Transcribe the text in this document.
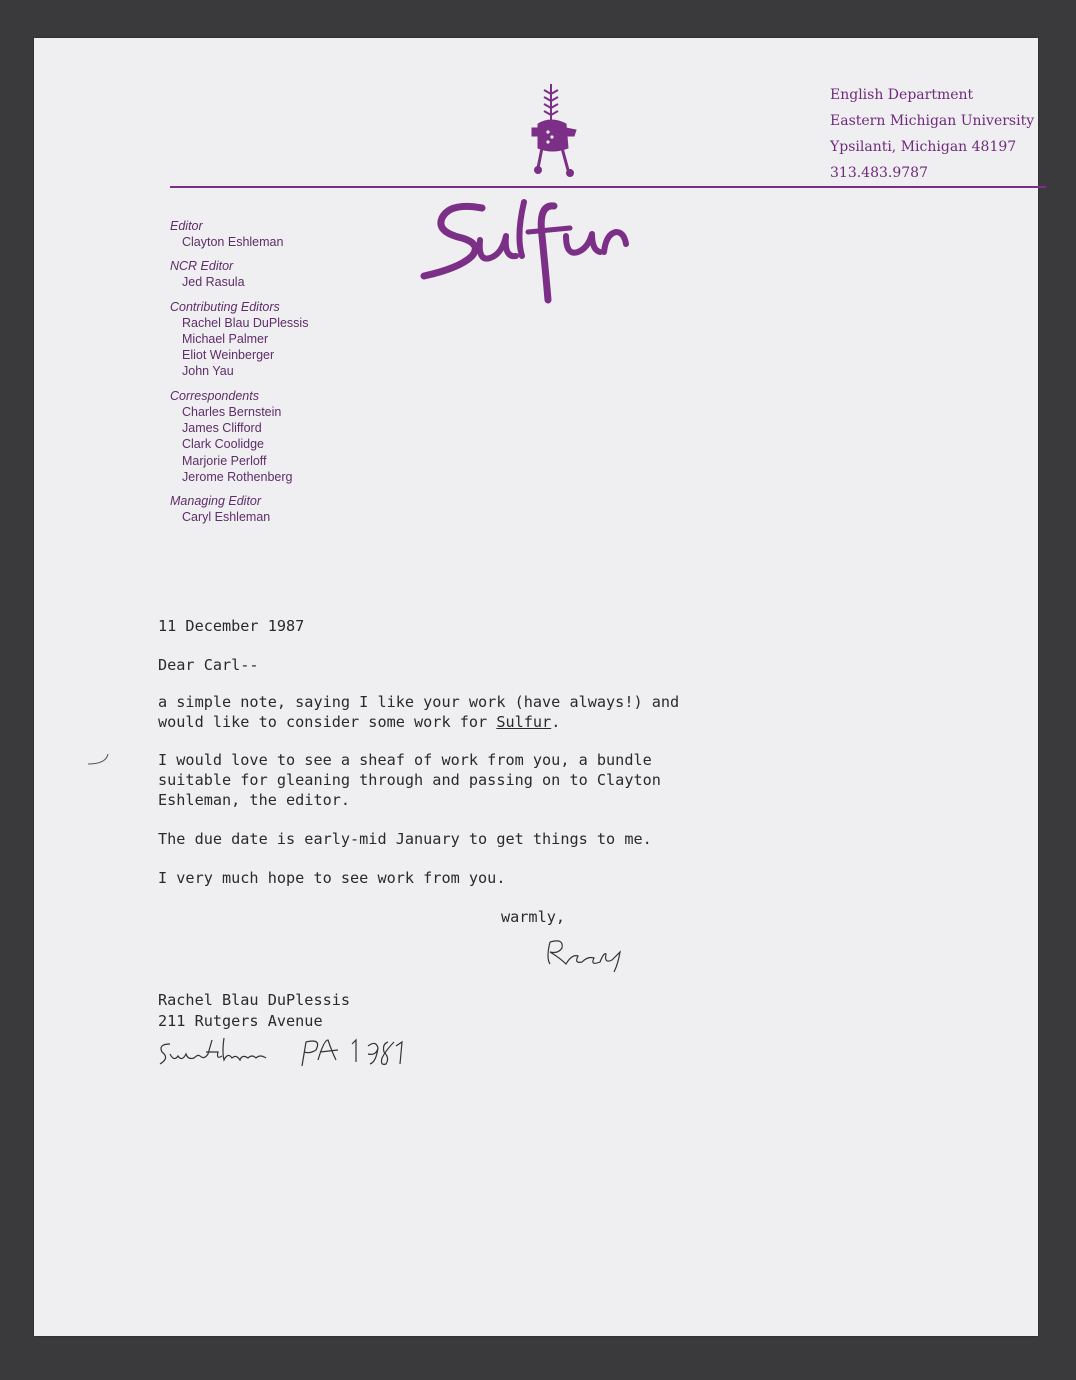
English Department
Eastern Michigan University
Ypsilanti, Michigan 48197
313.483.9787
Editor
Clayton Eshleman
NCR Editor
Jed Rasula
Contributing Editors
Rachel Blau DuPlessis
Michael Palmer
Eliot Weinberger
John Yau
Correspondents
Charles Bernstein
James Clifford
Clark Coolidge
Marjorie Perloff
Jerome Rothenberg
Managing Editor
Caryl Eshleman

11 December 1987

Dear Carl--

a simple note, saying I like your work (have always!) and

would like to consider some work for Sulfur.

I would love to see a sheaf of work from you, a bundle

suitable for gleaning through and passing on to Clayton

Eshleman, the editor.

The due date is early-mid January to get things to me.

I very much hope to see work from you.

warmly,
Rachel Blau DuPlessis
211 Rutgers Avenue
